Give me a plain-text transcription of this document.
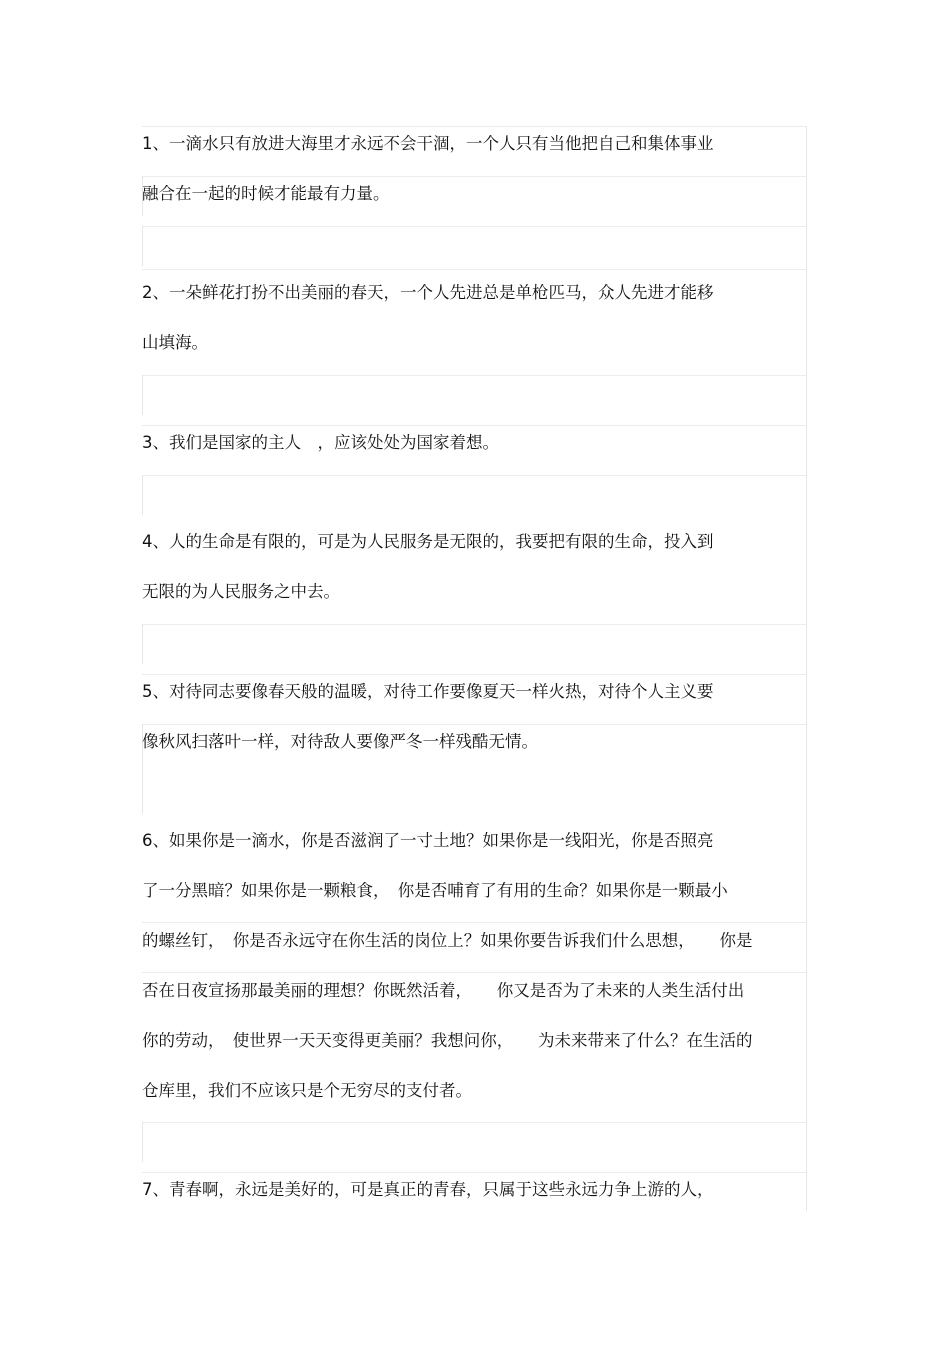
1、一滴水只有放进大海里才永远不会干涸，一个人只有当他把自己和集体事业
融合在一起的时候才能最有力量。
2、一朵鲜花打扮不出美丽的春天，一个人先进总是单枪匹马，众人先进才能移
山填海。
3、我们是国家的主人　，应该处处为国家着想。
4、人的生命是有限的，可是为人民服务是无限的，我要把有限的生命，投入到
无限的为人民服务之中去。
5、对待同志要像春天般的温暖，对待工作要像夏天一样火热，对待个人主义要
像秋风扫落叶一样，对待敌人要像严冬一样残酷无情。
6、如果你是一滴水，你是否滋润了一寸土地？如果你是一线阳光，你是否照亮
了一分黑暗？如果你是一颗粮食，　你是否哺育了有用的生命？如果你是一颗最小
的螺丝钉，　你是否永远守在你生活的岗位上？如果你要告诉我们什么思想，　　你是
否在日夜宣扬那最美丽的理想？你既然活着，　　你又是否为了未来的人类生活付出
你的劳动，　使世界一天天变得更美丽？我想问你，　　为未来带来了什么？在生活的
仓库里，我们不应该只是个无穷尽的支付者。
7、青春啊，永远是美好的，可是真正的青春，只属于这些永远力争上游的人，
